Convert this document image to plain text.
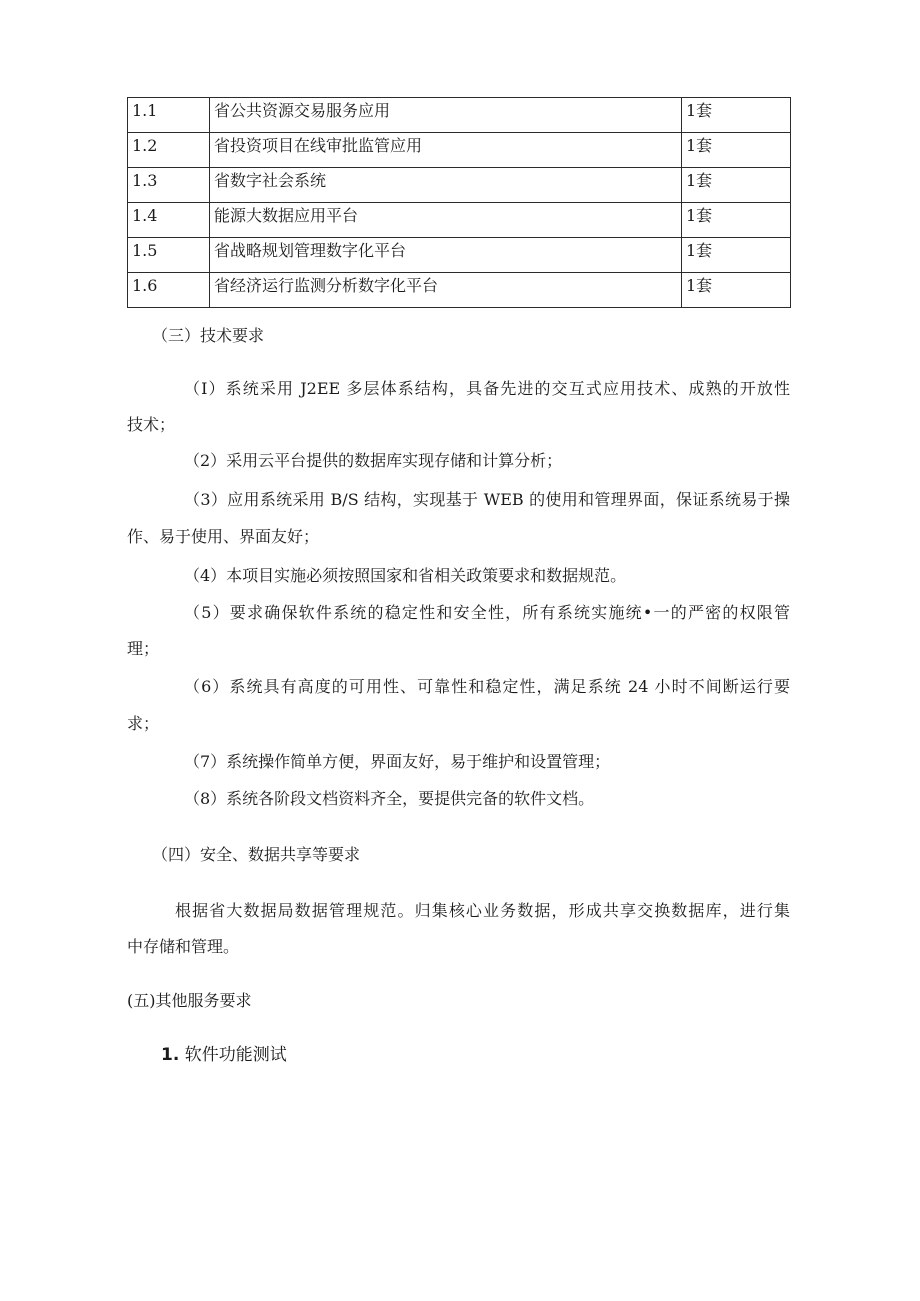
1.1	省公共资源交易服务应用	1套
1.2	省投资项目在线审批监管应用	1套
1.3	省数字社会系统	1套
1.4	能源大数据应用平台	1套
1.5	省战略规划管理数字化平台	1套
1.6	省经济运行监测分析数字化平台	1套

（三）技术要求

（I）系统采用 J2EE 多层体系结构，具备先进的交互式应用技术、成熟的开放性
技术；

（2）采用云平台提供的数据库实现存储和计算分析；

（3）应用系统采用 B/S 结构，实现基于 WEB 的使用和管理界面，保证系统易于操
作、易于使用、界面友好；

（4）本项目实施必须按照国家和省相关政策要求和数据规范。

（5）要求确保软件系统的稳定性和安全性，所有系统实施统•一的严密的权限管
理；
（6）系统具有高度的可用性、可靠性和稳定性，满足系统 24 小时不间断运行要
求；

（7）系统操作简单方便，界面友好，易于维护和设置管理；

（8）系统各阶段文档资料齐全，要提供完备的软件文档。

（四）安全、数据共享等要求

根据省大数据局数据管理规范。归集核心业务数据，形成共享交换数据库，进行集
中存储和管理。

(五)其他服务要求

1. 软件功能测试
